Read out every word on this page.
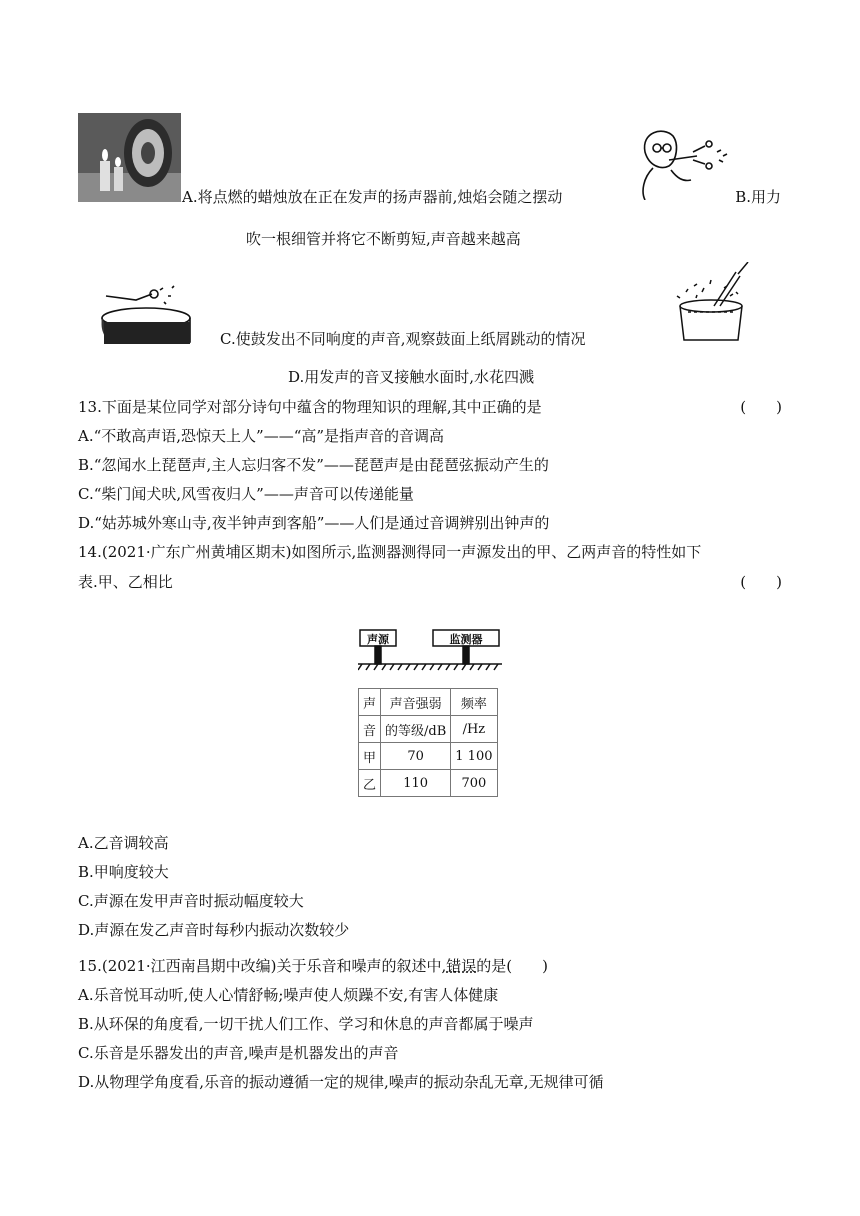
A.将点燃的蜡烛放在正在发声的扬声器前,烛焰会随之摆动	B.用力
吹一根细管并将它不断剪短,声音越来越高
C.使鼓发出不同响度的声音,观察鼓面上纸屑跳动的情况
D.用发声的音叉接触水面时,水花四溅
13.下面是某位同学对部分诗句中蕴含的物理知识的理解,其中正确的是	(　　)
A.“不敢高声语,恐惊天上人”——“高”是指声音的音调高
B.“忽闻水上琵琶声,主人忘归客不发”——琵琶声是由琵琶弦振动产生的
C.“柴门闻犬吠,风雪夜归人”——声音可以传递能量
D.“姑苏城外寒山寺,夜半钟声到客船”——人们是通过音调辨别出钟声的
14.(2021·广东广州黄埔区期末)如图所示,监测器测得同一声源发出的甲、乙两声音的特性如下
表.甲、乙相比	(　　)
声源	监测器
声	声音强弱	频率
音	的等级/dB	/Hz
甲	70	1 100
乙	110	700
A.乙音调较高
B.甲响度较大
C.声源在发甲声音时振动幅度较大
D.声源在发乙声音时每秒内振动次数较少
15.(2021·江西南昌期中改编)关于乐音和噪声的叙述中,错误的是(　　)
A.乐音悦耳动听,使人心情舒畅;噪声使人烦躁不安,有害人体健康
B.从环保的角度看,一切干扰人们工作、学习和休息的声音都属于噪声
C.乐音是乐器发出的声音,噪声是机器发出的声音
D.从物理学角度看,乐音的振动遵循一定的规律,噪声的振动杂乱无章,无规律可循
